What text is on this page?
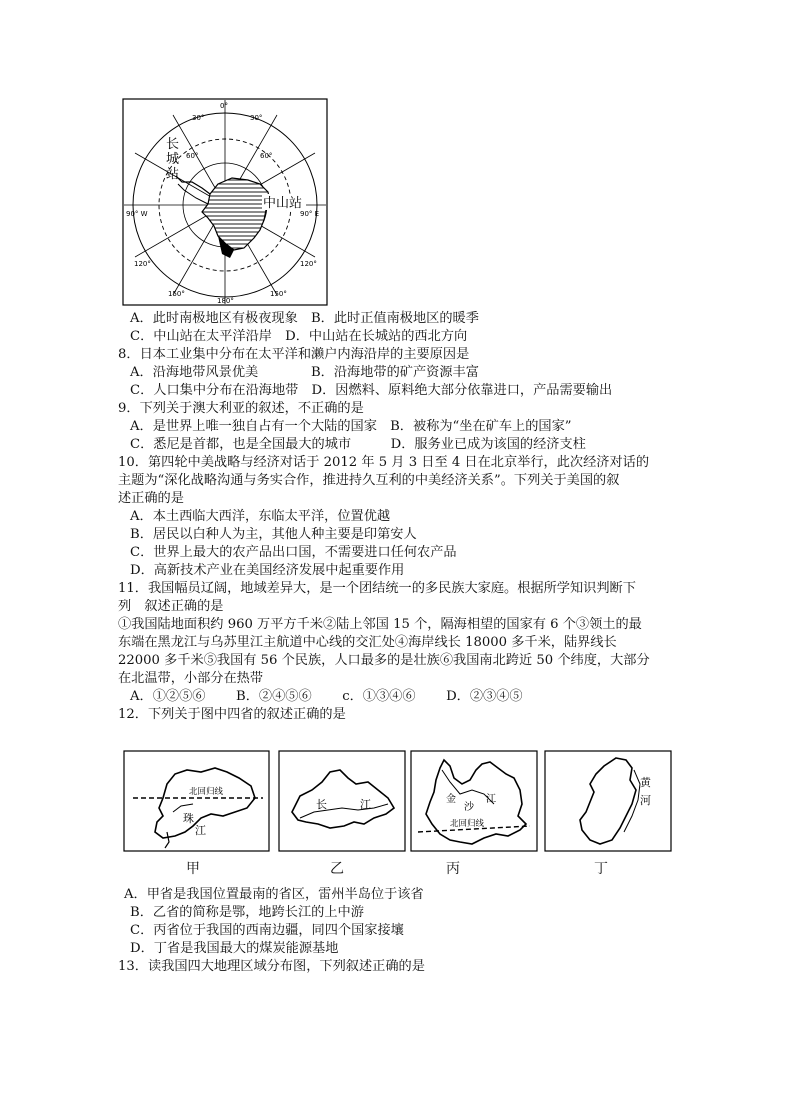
长
城
站
中山站
0°
30°	30°
60°	60°
90° W	90° E
120°	120°
150°	150°
180°
A．此时南极地区有极夜现象　B．此时正值南极地区的暖季
C．中山站在太平洋沿岸　D．中山站在长城站的西北方向
8．日本工业集中分布在太平洋和濑户内海沿岸的主要原因是
A．沿海地带风景优美　　　　B．沿海地带的矿产资源丰富
C．人口集中分布在沿海地带　D．因燃料、原料绝大部分依靠进口，产品需要输出
9．下列关于澳大利亚的叙述，不正确的是
A．是世界上唯一独自占有一个大陆的国家　B．被称为“坐在矿车上的国家”
C．悉尼是首都，也是全国最大的城市　　　D．服务业已成为该国的经济支柱
10．第四轮中美战略与经济对话于 2012 年 5 月 3 日至 4 日在北京举行，此次经济对话的
主题为“深化战略沟通与务实合作，推进持久互利的中美经济关系”。下列关于美国的叙
述正确的是
A．本土西临大西洋，东临太平洋，位置优越
B．居民以白种人为主，其他人种主要是印第安人
C．世界上最大的农产品出口国，不需要进口任何农产品
D．高新技术产业在美国经济发展中起重要作用
11．我国幅员辽阔，地域差异大，是一个团结统一的多民族大家庭。根据所学知识判断下
列　叙述正确的是
①我国陆地面积约 960 万平方千米②陆上邻国 15 个，隔海相望的国家有 6 个③领土的最
东端在黑龙江与乌苏里江主航道中心线的交汇处④海岸线长 18000 多千米，陆界线长
22000 多千米⑤我国有 56 个民族，人口最多的是壮族⑥我国南北跨近 50 个纬度，大部分
在北温带，小部分在热带
A．①②⑤⑥　　 B．②④⑤⑥　　 c．①③④⑥　　 D．②③④⑤
12．下列关于图中四省的叙述正确的是
北回归线
珠
江
长	江	金
沙
江
北回归线
黄
河
甲	乙	丙	丁
A．甲省是我国位置最南的省区，雷州半岛位于该省
B．乙省的简称是鄂，地跨长江的上中游
C．丙省位于我国的西南边疆，同四个国家接壤
D．丁省是我国最大的煤炭能源基地
13．读我国四大地理区域分布图，下列叙述正确的是
